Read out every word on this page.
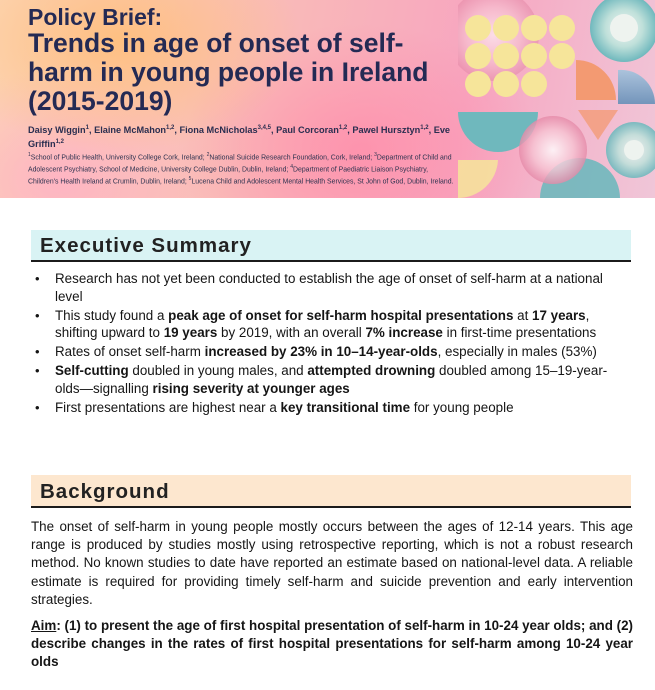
Policy Brief:
Trends in age of onset of self-harm in young people in Ireland (2015-2019)
Daisy Wiggin$^1$, Elaine McMahon$^{1,2}$, Fiona McNicholas$^{3,4,5}$, Paul Corcoran$^{1,2}$, Pawel Hursztyn$^{1,2}$, Eve Griffin$^{1,2}$
$^1$School of Public Health, University College Cork, Ireland; $^2$National Suicide Research Foundation, Cork, Ireland; $^3$Department of Child and Adolescent Psychiatry, School of Medicine, University College Dublin, Dublin, Ireland; $^4$Department of Paediatric Liaison Psychiatry, Children's Health Ireland at Crumlin, Dublin, Ireland; $^5$Lucena Child and Adolescent Mental Health Services, St John of God, Dublin, Ireland.
Executive Summary
• Research has not yet been conducted to establish the age of onset of self-harm at a national level
• This study found a peak age of onset for self-harm hospital presentations at 17 years, shifting upward to 19 years by 2019, with an overall 7% increase in first-time presentations
• Rates of onset self-harm increased by 23% in 10–14-year-olds, especially in males (53%)
• Self-cutting doubled in young males, and attempted drowning doubled among 15–19-year-olds—signalling rising severity at younger ages
• First presentations are highest near a key transitional time for young people
Background
The onset of self-harm in young people mostly occurs between the ages of 12-14 years. This age range is produced by studies mostly using retrospective reporting, which is not a robust research method. No known studies to date have reported an estimate based on national-level data. A reliable estimate is required for providing timely self-harm and suicide prevention and early intervention strategies.
Aim: (1) to present the age of first hospital presentation of self-harm in 10-24 year olds; and (2) describe changes in the rates of first hospital presentations for self-harm among 10-24 year olds
